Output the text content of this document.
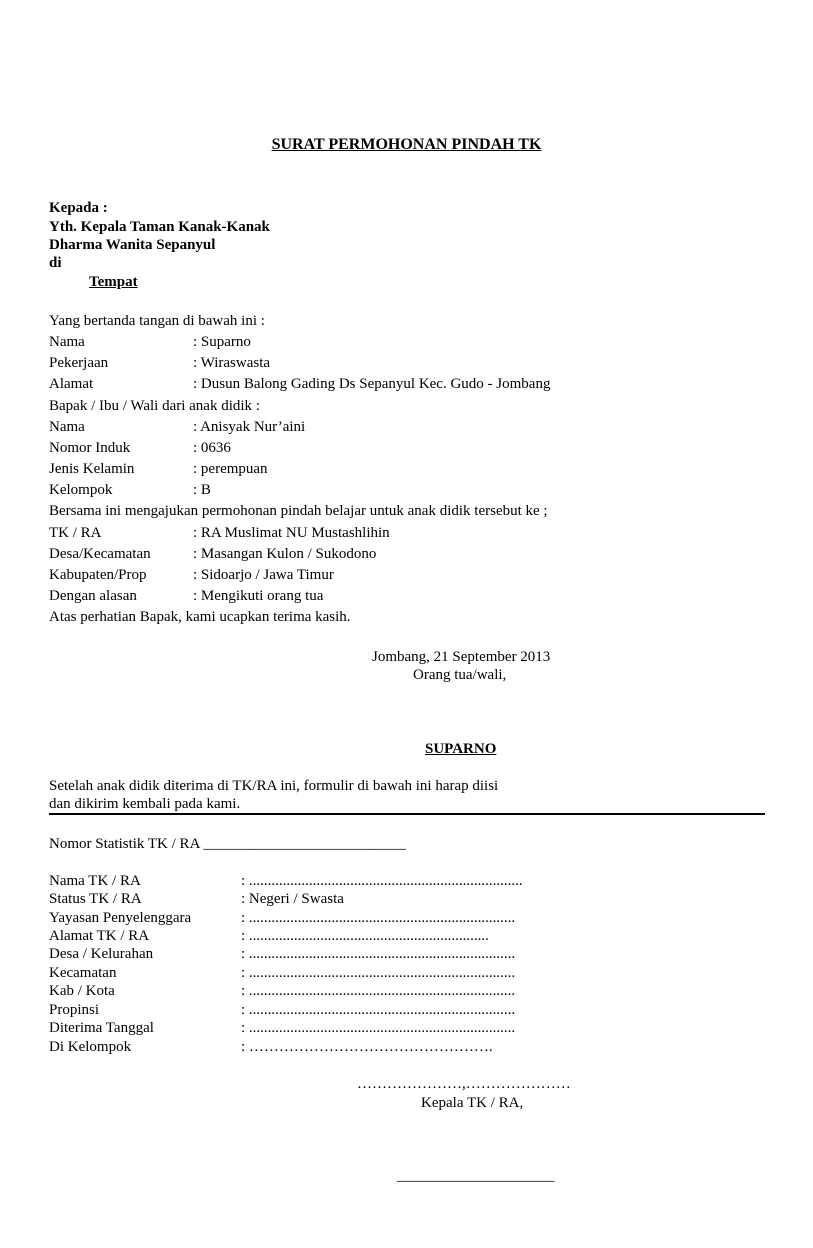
SURAT PERMOHONAN PINDAH TK
Kepada :
Yth. Kepala Taman Kanak-Kanak
Dharma Wanita Sepanyul
di
Tempat
Yang bertanda tangan di bawah ini :
Nama	: Suparno
Pekerjaan	: Wiraswasta
Alamat	: Dusun Balong Gading Ds Sepanyul Kec. Gudo - Jombang
Bapak / Ibu / Wali dari anak didik :
Nama	: Anisyak Nur’aini
Nomor Induk	: 0636
Jenis Kelamin	: perempuan
Kelompok	: B
Bersama ini mengajukan permohonan pindah belajar untuk anak didik tersebut ke ;
TK / RA	: RA Muslimat NU Mustashlihin
Desa/Kecamatan	: Masangan Kulon / Sukodono
Kabupaten/Prop	: Sidoarjo / Jawa Timur
Dengan alasan	: Mengikuti orang tua
Atas perhatian Bapak, kami ucapkan terima kasih.
Jombang, 21 September 2013
Orang tua/wali,
SUPARNO
Setelah anak didik diterima di TK/RA ini, formulir di bawah ini harap diisi
dan dikirim kembali pada kami.
Nomor Statistik TK / RA ___________________________
Nama TK / RA	: .........................................................................
Status TK / RA	: Negeri / Swasta
Yayasan Penyelenggara	: .......................................................................
Alamat TK / RA	: ................................................................
Desa / Kelurahan	: .......................................................................
Kecamatan	: .......................................................................
Kab / Kota	: .......................................................................
Propinsi	: .......................................................................
Diterima Tanggal	: .......................................................................
Di Kelompok	: ………………………………………….
…………………,…………………
Kepala TK / RA,
_____________________
